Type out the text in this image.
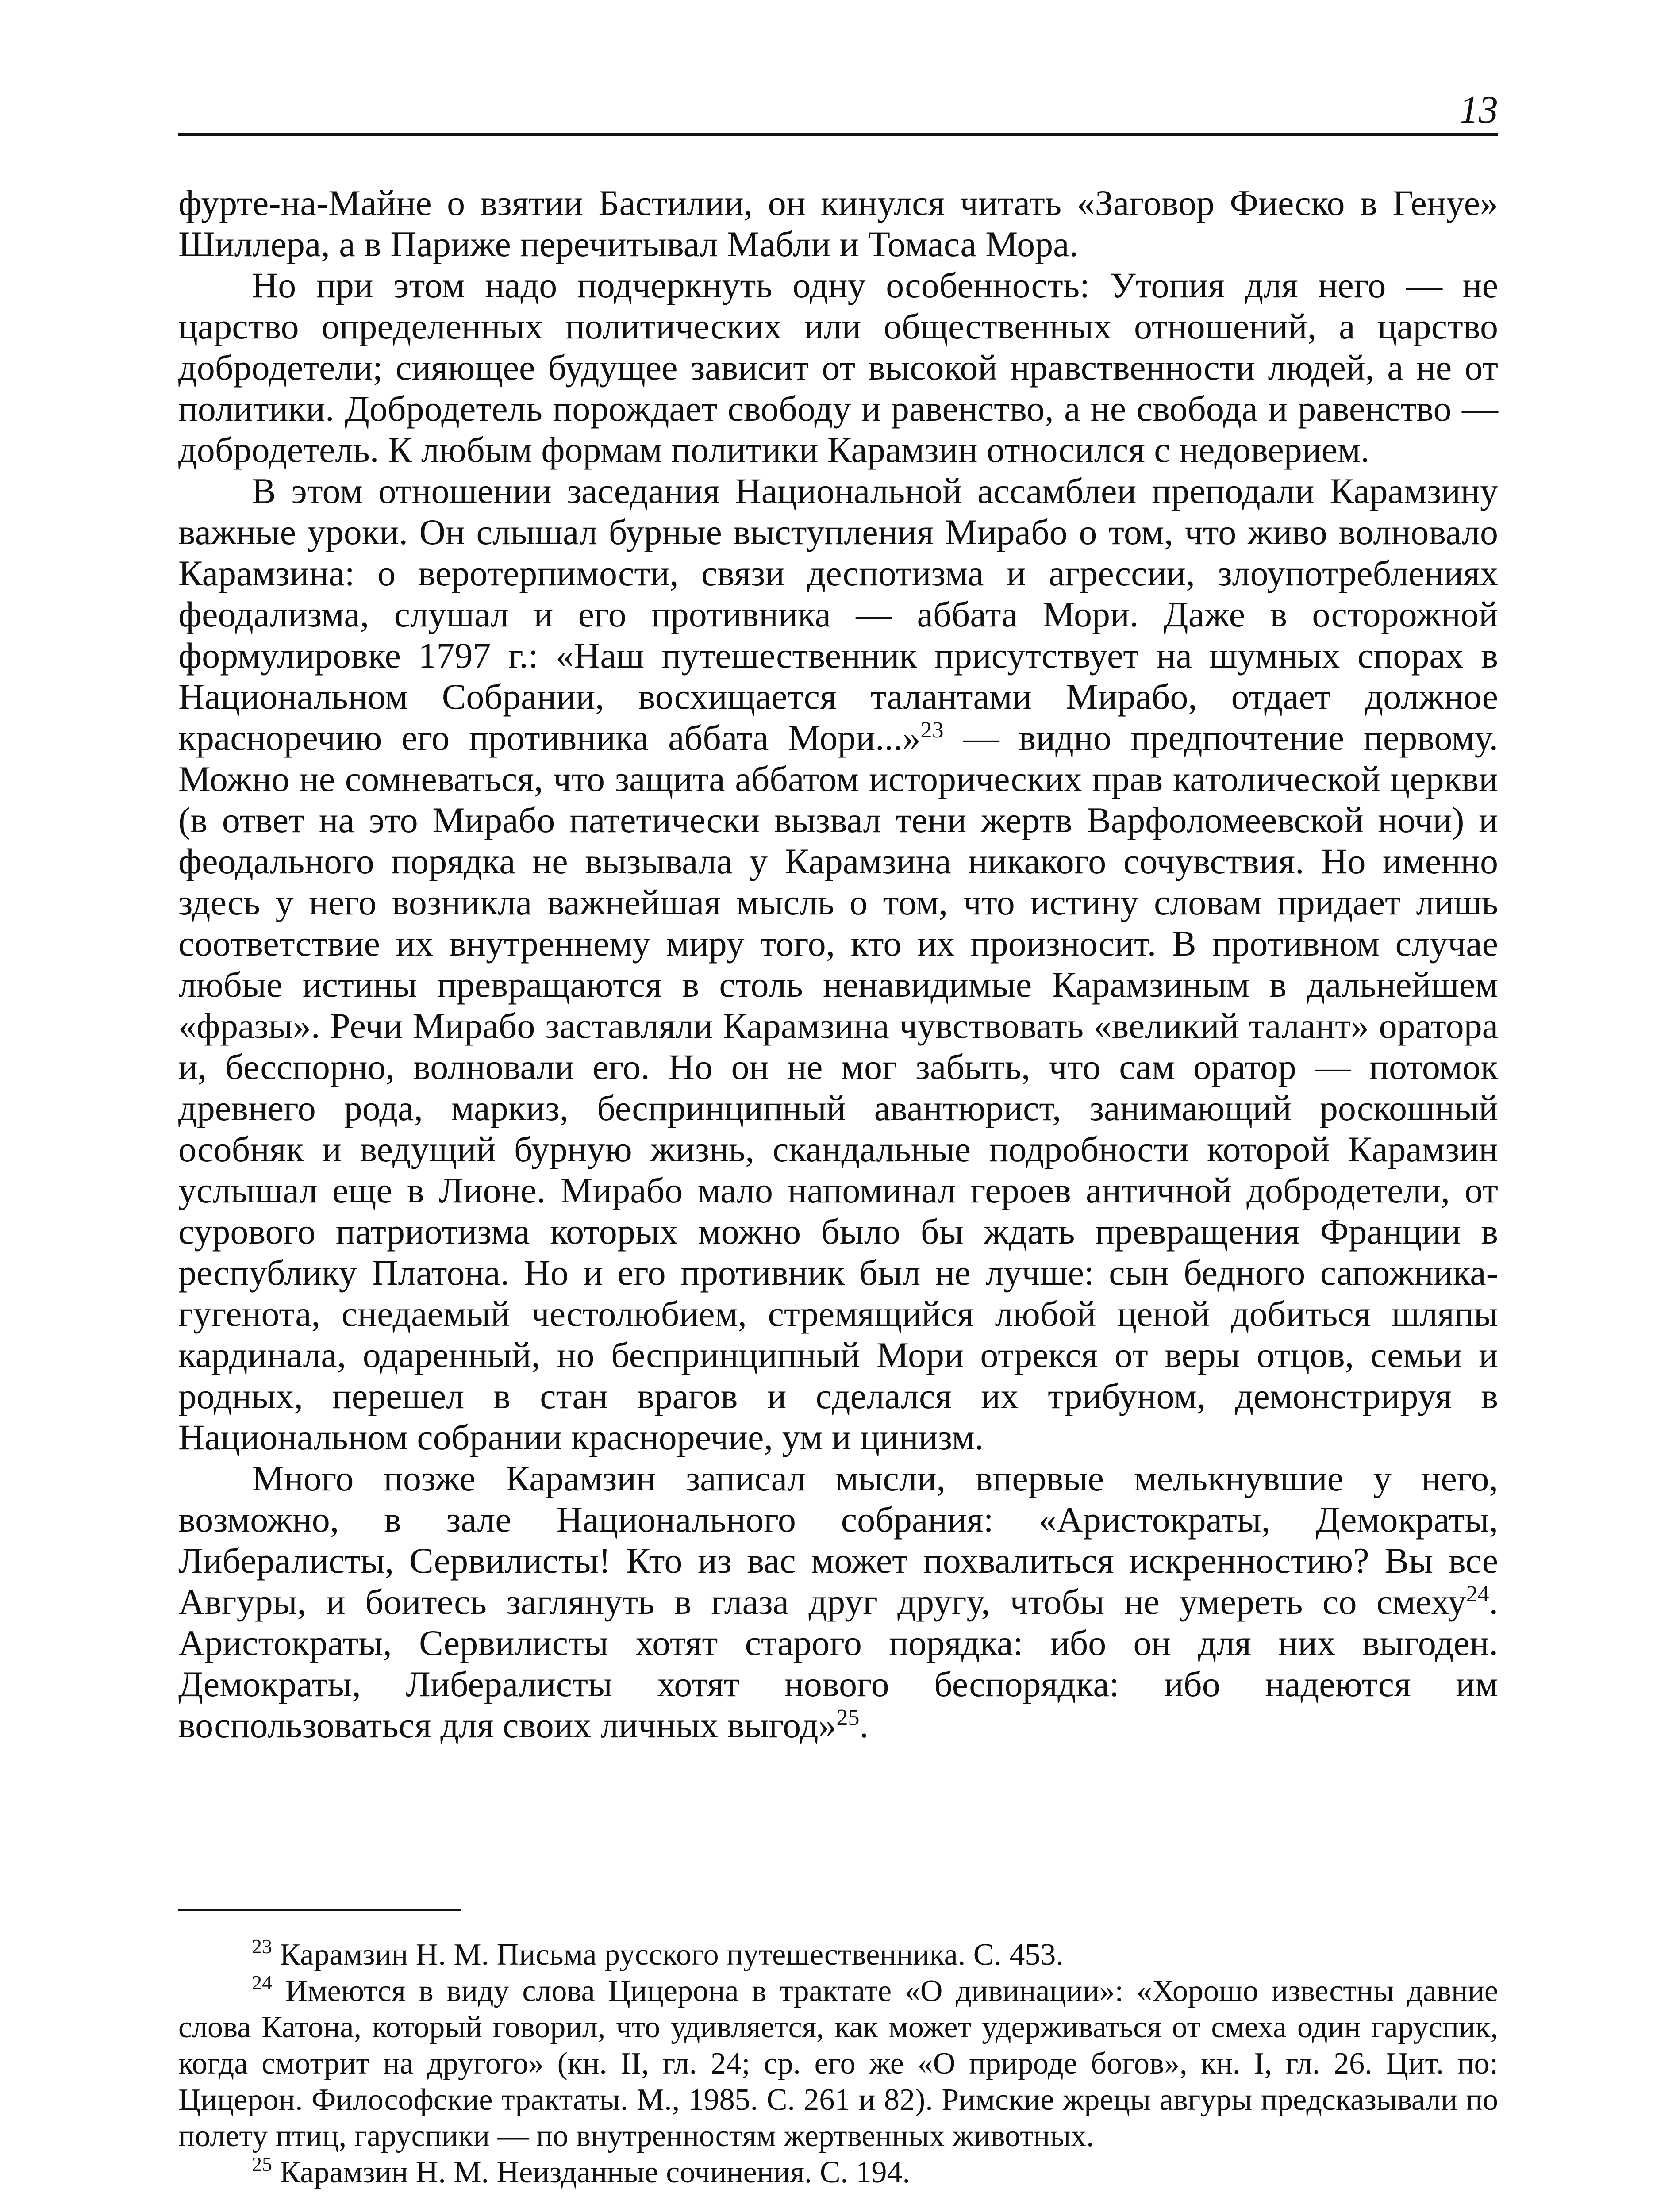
13

фурте-на-Майне о взятии Бастилии, он кинулся читать «Заговор Фиеско в Генуе» Шиллера, а в Париже перечитывал Мабли и Томаса Мора.

Но при этом надо подчеркнуть одну особенность: Утопия для него — не царство определенных политических или общественных отношений, а царство добродетели; сияющее будущее зависит от высокой нравственности людей, а не от политики. Добродетель порождает свободу и равенство, а не свобода и равенство — добродетель. К любым формам политики Карамзин относился с недоверием.

В этом отношении заседания Национальной ассамблеи преподали Карамзину важные уроки. Он слышал бурные выступления Мирабо о том, что живо волновало Карамзина: о веротерпимости, связи деспотизма и агрессии, злоупотреблениях феодализма, слушал и его противника — аббата Мори. Даже в осторожной формулировке 1797 г.: «Наш путешественник присутствует на шумных спорах в Национальном Собрании, восхищается талантами Мирабо, отдает должное красноречию его противника аббата Мори...»$^{23}$ — видно предпочтение первому. Можно не сомневаться, что защита аббатом исторических прав католической церкви (в ответ на это Мирабо патетически вызвал тени жертв Варфоломеевской ночи) и феодального порядка не вызывала у Карамзина никакого сочувствия. Но именно здесь у него возникла важнейшая мысль о том, что истину словам придает лишь соответствие их внутреннему миру того, кто их произносит. В противном случае любые истины превращаются в столь ненавидимые Карамзиным в дальнейшем «фразы». Речи Мирабо заставляли Карамзина чувствовать «великий талант» оратора и, бесспорно, волновали его. Но он не мог забыть, что сам оратор — потомок древнего рода, маркиз, беспринципный авантюрист, занимающий роскошный особняк и ведущий бурную жизнь, скандальные подробности которой Карамзин услышал еще в Лионе. Мирабо мало напоминал героев античной добродетели, от сурового патриотизма которых можно было бы ждать превращения Франции в республику Платона. Но и его противник был не лучше: сын бедного сапожника-гугенота, снедаемый честолюбием, стремящийся любой ценой добиться шляпы кардинала, одаренный, но беспринципный Мори отрекся от веры отцов, семьи и родных, перешел в стан врагов и сделался их трибуном, демонстрируя в Национальном собрании красноречие, ум и цинизм.

Много позже Карамзин записал мысли, впервые мелькнувшие у него, возможно, в зале Национального собрания: «Аристократы, Демократы, Либералисты, Сервилисты! Кто из вас может похвалиться искренностию? Вы все Авгуры, и боитесь заглянуть в глаза друг другу, чтобы не умереть со смеху$^{24}$. Аристократы, Сервилисты хотят старого порядка: ибо он для них выгоден. Демократы, Либералисты хотят нового беспорядка: ибо надеются им воспользоваться для своих личных выгод»$^{25}$.

$^{23}$ Карамзин Н. М. Письма русского путешественника. С. 453.

$^{24}$ Имеются в виду слова Цицерона в трактате «О дивинации»: «Хорошо известны давние слова Катона, который говорил, что удивляется, как может удерживаться от смеха один гаруспик, когда смотрит на другого» (кн. II, гл. 24; ср. его же «О природе богов», кн. I, гл. 26. Цит. по: Цицерон. Философские трактаты. М., 1985. С. 261 и 82). Римские жрецы авгуры предсказывали по полету птиц, гаруспики — по внутренностям жертвенных животных.

$^{25}$ Карамзин Н. М. Неизданные сочинения. С. 194.
